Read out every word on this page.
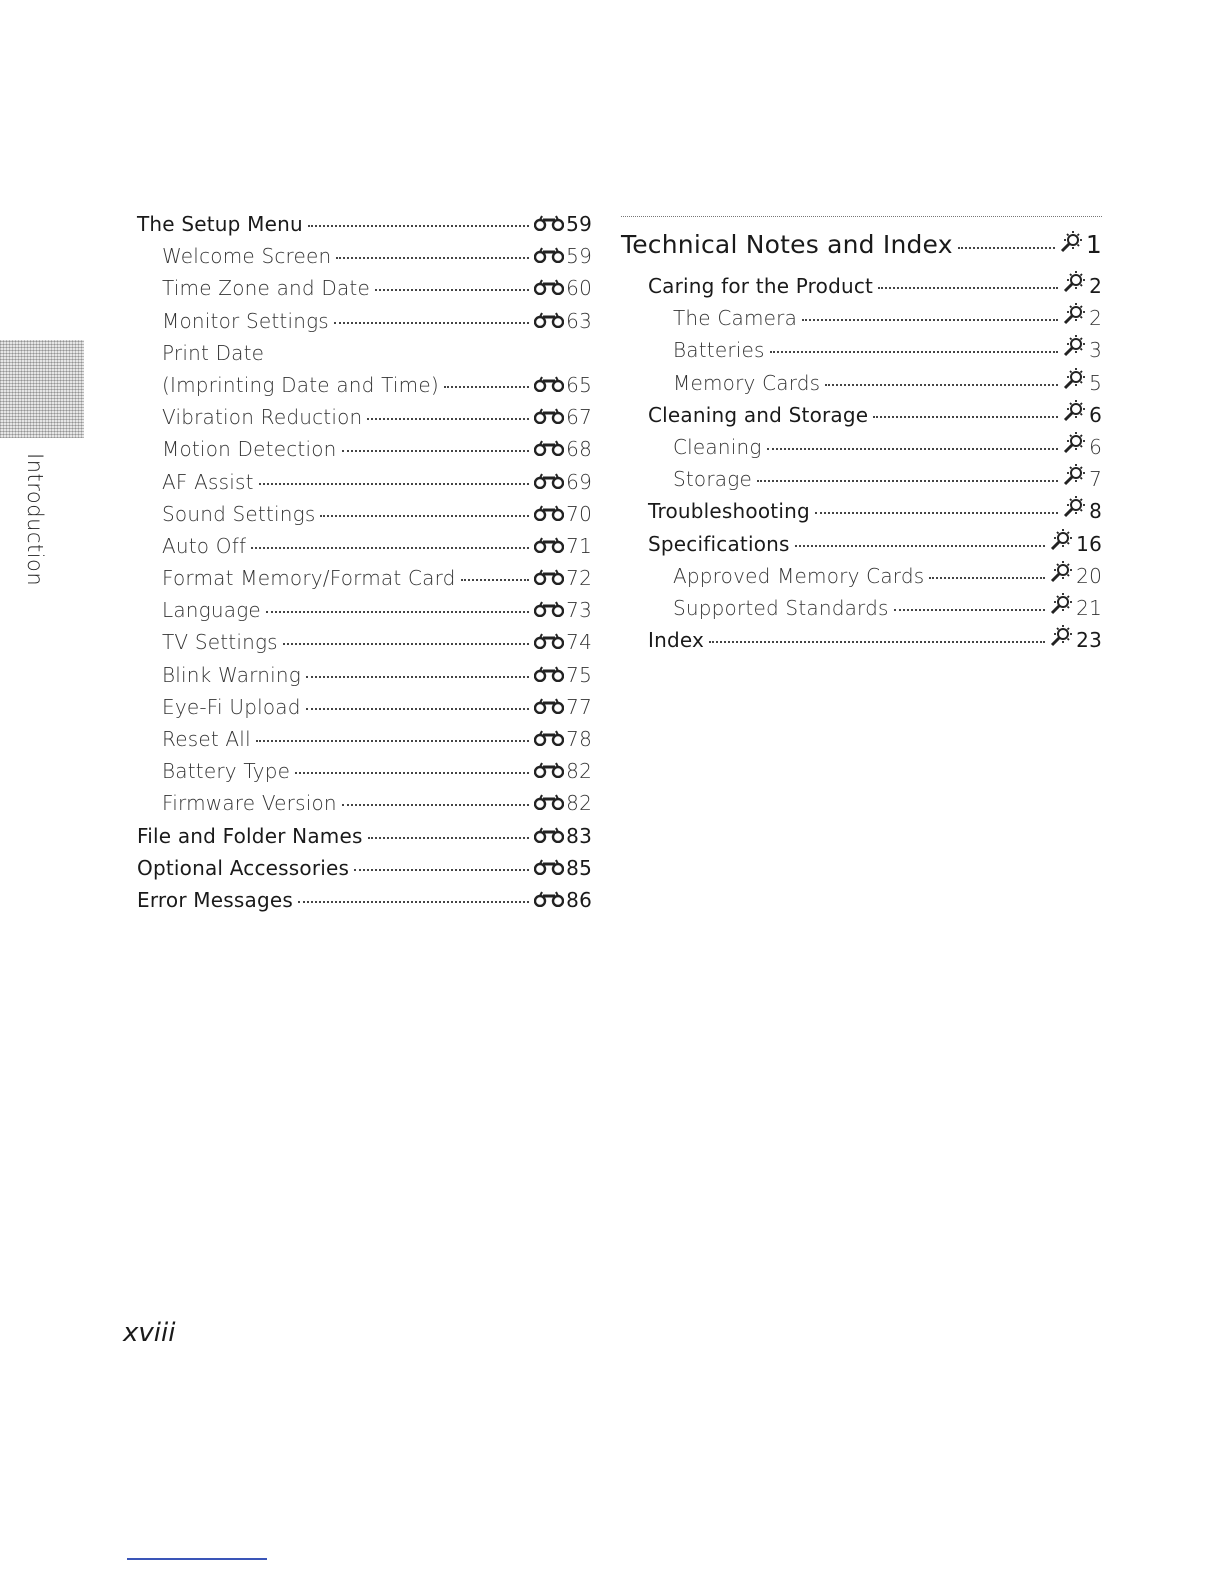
Introduction
The Setup Menu	59
Welcome Screen	59
Time Zone and Date	60
Monitor Settings	63
Print Date
(Imprinting Date and Time)	65
Vibration Reduction	67
Motion Detection	68
AF Assist	69
Sound Settings	70
Auto Off	71
Format Memory/Format Card	72
Language	73
TV Settings	74
Blink Warning	75
Eye-Fi Upload	77
Reset All	78
Battery Type	82
Firmware Version	82
File and Folder Names	83
Optional Accessories	85
Error Messages	86
Technical Notes and Index	1
Caring for the Product	2
The Camera	2
Batteries	3
Memory Cards	5
Cleaning and Storage	6
Cleaning	6
Storage	7
Troubleshooting	8
Specifications	16
Approved Memory Cards	20
Supported Standards	21
Index	23
xviii
